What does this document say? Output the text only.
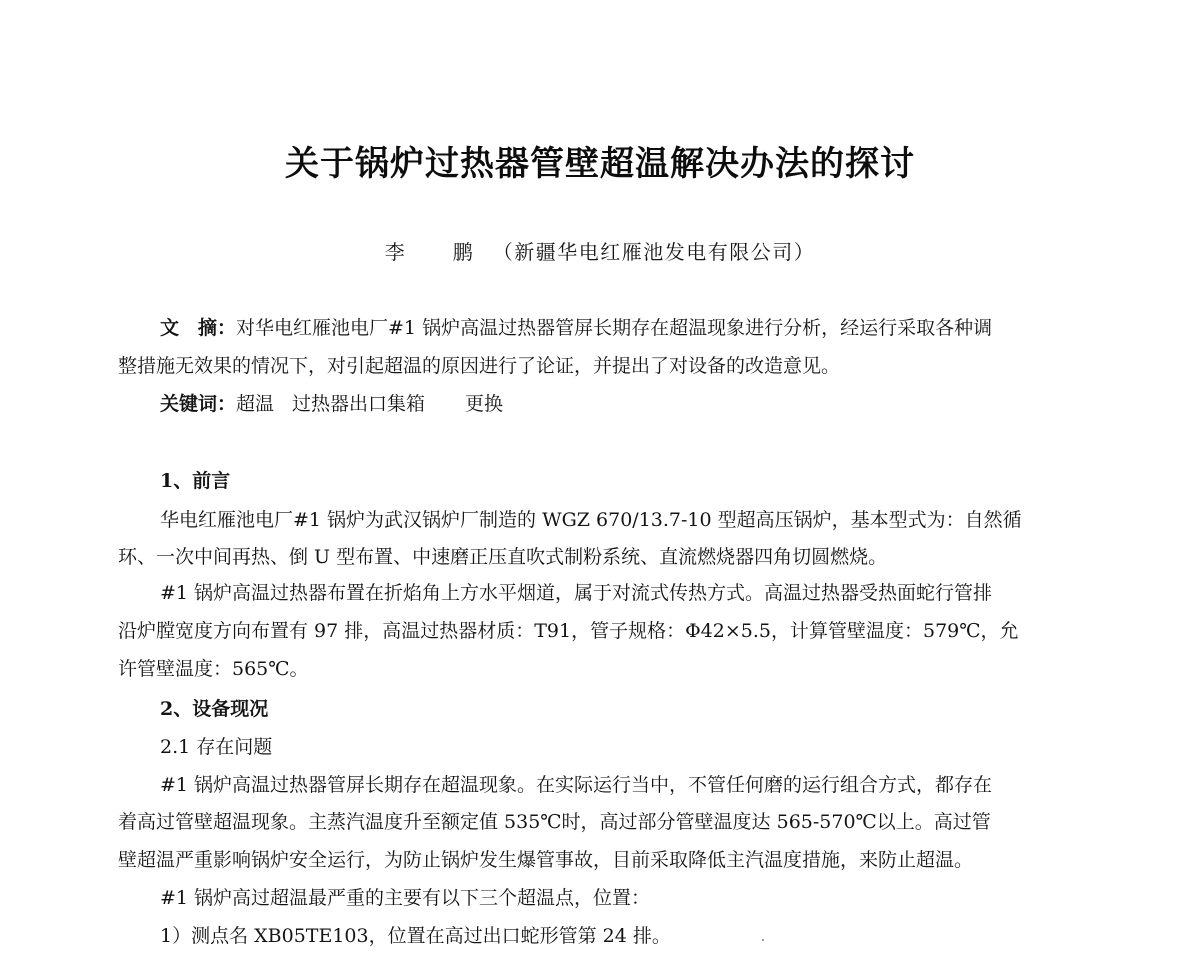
关于锅炉过热器管壁超温解决办法的探讨
李　鹏 （新疆华电红雁池发电有限公司）
文　摘：对华电红雁池电厂#1 锅炉高温过热器管屏长期存在超温现象进行分析，经运行采取各种调
整措施无效果的情况下，对引起超温的原因进行了论证，并提出了对设备的改造意见。
关键词：超温 过热器出口集箱 更换
1、前言
华电红雁池电厂#1 锅炉为武汉锅炉厂制造的 WGZ 670/13.7-10 型超高压锅炉，基本型式为：自然循
环、一次中间再热、倒 U 型布置、中速磨正压直吹式制粉系统、直流燃烧器四角切圆燃烧。
#1 锅炉高温过热器布置在折焰角上方水平烟道，属于对流式传热方式。高温过热器受热面蛇行管排
沿炉膛宽度方向布置有 97 排，高温过热器材质：T91，管子规格：Φ42×5.5，计算管壁温度：579℃，允
许管壁温度：565℃。
2、设备现况
2.1 存在问题
#1 锅炉高温过热器管屏长期存在超温现象。在实际运行当中，不管任何磨的运行组合方式，都存在
着高过管壁超温现象。主蒸汽温度升至额定值 535℃时，高过部分管壁温度达 565-570℃以上。高过管
壁超温严重影响锅炉安全运行，为防止锅炉发生爆管事故，目前采取降低主汽温度措施，来防止超温。
#1 锅炉高过超温最严重的主要有以下三个超温点，位置：
1）测点名 XB05TE103，位置在高过出口蛇形管第 24 排。
